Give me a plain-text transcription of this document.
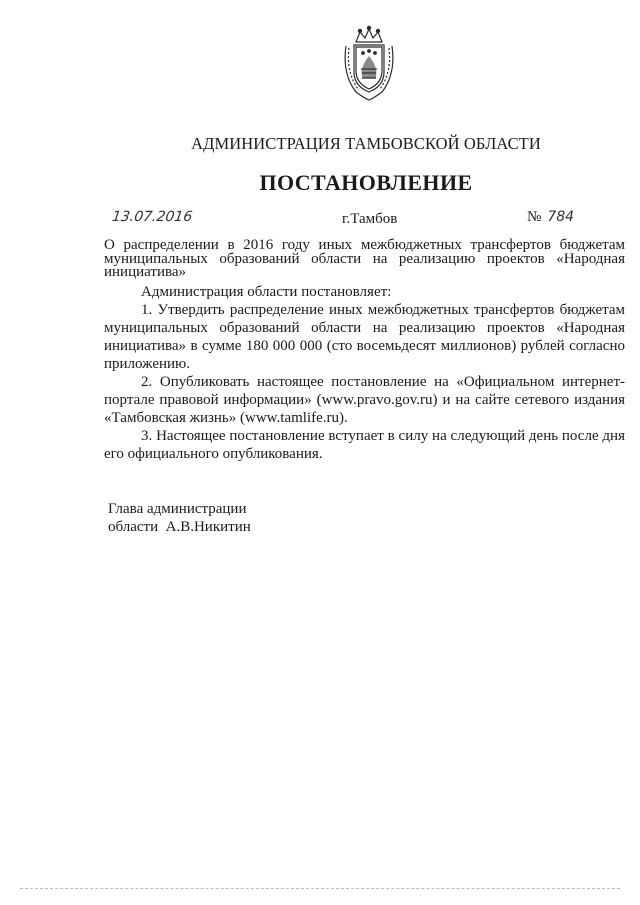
АДМИНИСТРАЦИЯ ТАМБОВСКОЙ ОБЛАСТИ
ПОСТАНОВЛЕНИЕ
13.07.2016	г.Тамбов	№ 784
О распределении в 2016 году иных межбюджетных трансфертов бюджетам муниципальных образований области на реализацию проектов «Народная инициатива»

Администрация области постановляет:

1. Утвердить распределение иных межбюджетных трансфертов бюджетам муниципальных образований области на реализацию проектов «Народная инициатива» в сумме 180 000 000 (сто восемьдесят миллионов) рублей согласно приложению.

2. Опубликовать настоящее постановление на «Официальном интернет-портале правовой информации» (www.pravo.gov.ru) и на сайте сетевого издания «Тамбовская жизнь» (www.tamlife.ru).

3. Настоящее постановление вступает в силу на следующий день после дня его официального опубликования.

Глава администрации
области  А.В.Никитин
